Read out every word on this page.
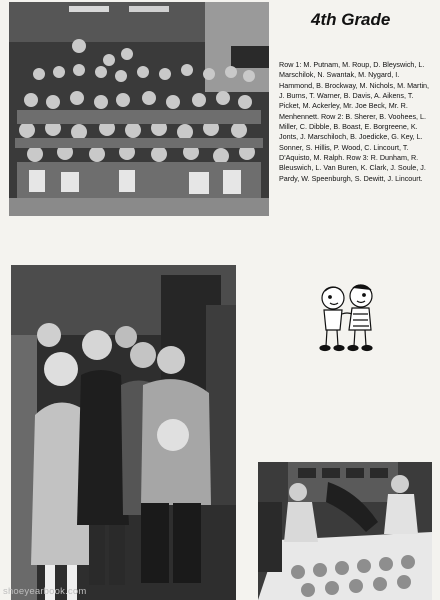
4th Grade

Row 1: M. Putnam, M. Roup, D. Bleyswich, L. Marschilok, N. Swantak, M. Nygard, I. Hammond, B. Brockway, M. Nichols, M. Martin, J. Burns, T. Warner, B. Davis, A. Aikens, T. Picket, M. Ackerley, Mr. Joe Beck, Mr. R. Menhennett. Row 2: B. Sherer, B. Voohees, L. Miller, C. Dibble, B. Boast, E. Borgreene, K. Jonts, J. Marschiloch, B. Joedicke, G. Key, L. Sonner, S. Hillis, P. Wood, C. Lincourt, T. D'Aquisto, M. Ralph. Row 3: R. Dunham, R. Bleuswich, L. Van Buren, K. Clark, J. Soule, J. Pardy, W. Speenburgh, S. Dewitt, J. Lincourt.

shoeyearbook.com
